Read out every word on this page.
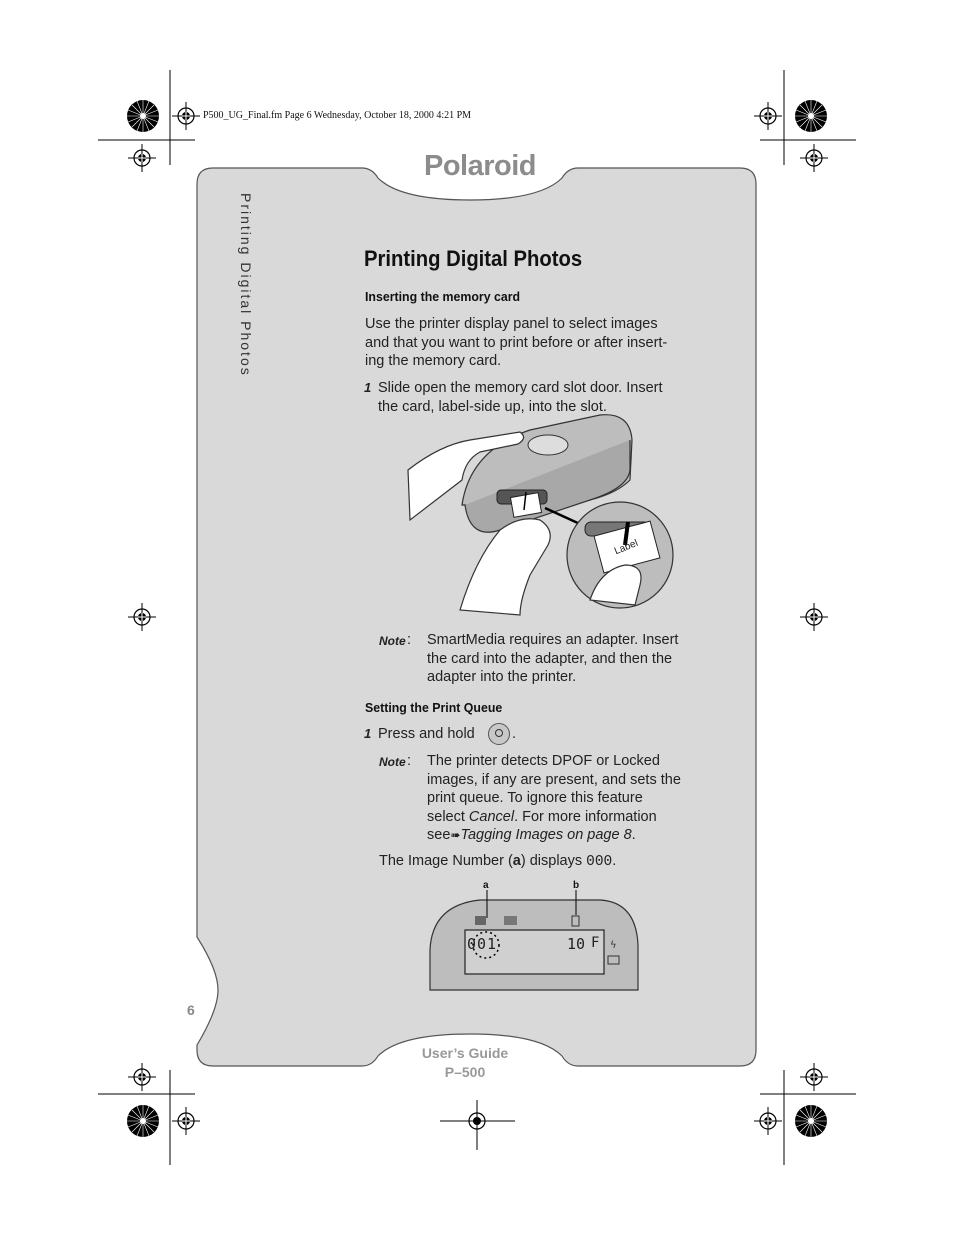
ϟ
P500_UG_Final.fm Page 6 Wednesday, October 18, 2000 4:21 PM
Polaroid
Printing Digital Photos	Printing Digital Photos
Inserting the memory card
Use the printer display panel to select images
and that you want to print before or after insert-
ing the memory card.
1 Slide open the memory card slot door. Insert
the card, label-side up, into the slot.
Label
Note : SmartMedia requires an adapter. Insert
the card into the adapter, and then the
adapter into the printer.
Setting the Print Queue
1 Press and hold	.
Note : The printer detects DPOF or Locked
images, if any are present, and sets the
print queue. To ignore this feature
select Cancel. For more information
see➠Tagging Images on page 8.
The Image Number (a) displays 000.
a	b
001	10 F
6
User’s Guide
P–500
